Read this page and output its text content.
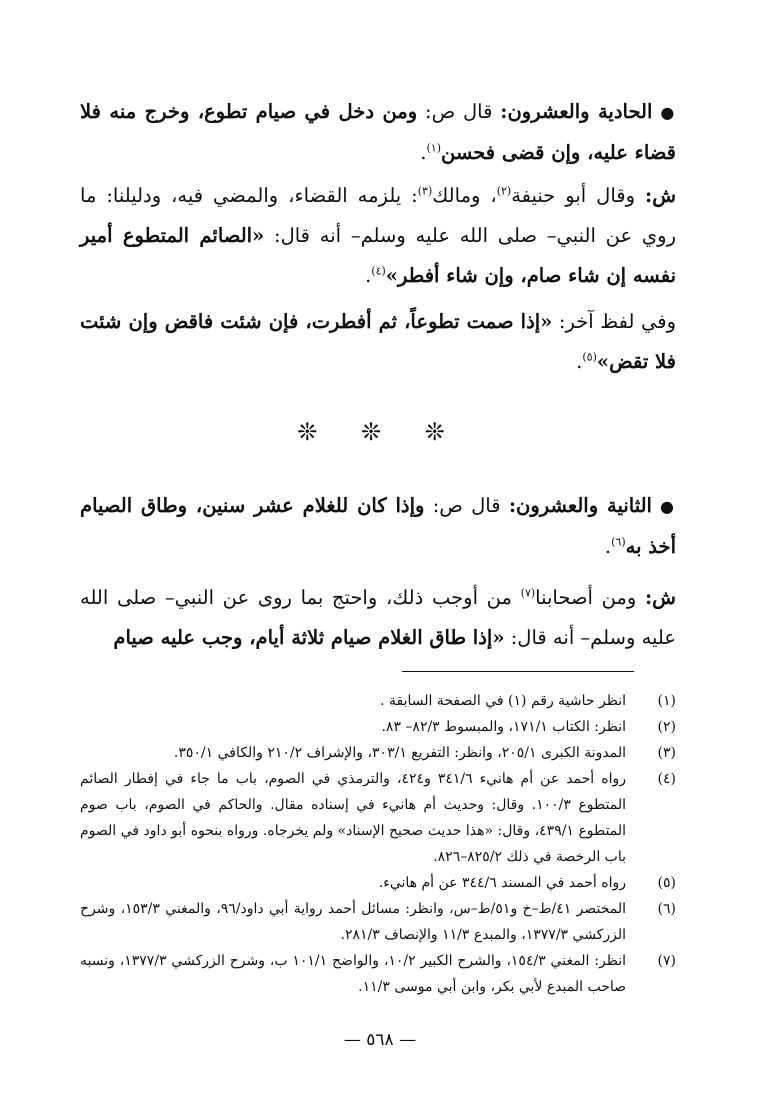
●الحادية والعشرون: قال ص: ومن دخل في صيام تطوع، وخرج منه فلا قضاء عليه، وإن قضى فحسن$^{(١)}$.
ش: وقال أبو حنيفة$^{(٢)}$، ومالك$^{(٣)}$: يلزمه القضاء، والمضي فيه، ودليلنا: ما روي عن النبي– صلى الله عليه وسلم– أنه قال: «الصائم المتطوع أمير نفسه إن شاء صام، وإن شاء أفطر»$^{(٤)}$.
وفي لفظ آخر: «إذا صمت تطوعاً، ثم أفطرت، فإن شئت فاقض وإن شئت فلا تقض»$^{(٥)}$.
❊ ❊ ❊
●الثانية والعشرون: قال ص: وإذا كان للغلام عشر سنين، وطاق الصيام أخذ به$^{(٦)}$.
ش: ومن أصحابنا$^{(٧)}$ من أوجب ذلك، واحتج بما روى عن النبي– صلى الله عليه وسلم– أنه قال: «إذا طاق الغلام صيام ثلاثة أيام، وجب عليه صيام
(١)
انظر حاشية رقم (١) في الصفحة السابقة .
(٢)
انظر: الكتاب ١٧١/١، والمبسوط ٨٢/٣– ٨٣.
(٣)
المدونة الكبرى ٢٠٥/١، وانظر: التفريع ٣٠٣/١، والإشراف ٢١٠/٢ والكافي ٣٥٠/١.
(٤)
رواه أحمد عن أم هانيء ٣٤١/٦ و٤٢٤، والترمذي في الصوم، باب ما جاء في إفطار الصائم المتطوع ١٠٠/٣. وقال: وحديث أم هانيء في إسناده مقال. والحاكم في الصوم، باب صوم المتطوع ٤٣٩/١، وقال: «هذا حديث صحيح الإسناد» ولم يخرجاه. ورواه بنحوه أبو داود في الصوم باب الرخصة في ذلك ٨٢٥/٢–٨٢٦.
(٥)
رواه أحمد في المسند ٣٤٤/٦ عن أم هانيء.
(٦)
المختصر ٤١/ط–خ و٥١/ط–س، وانظر: مسائل أحمد رواية أبي داود/٩٦، والمغني ١٥٣/٣، وشرح الزركشي ١٣٧٧/٣، والمبدع ١١/٣ والإنصاف ٢٨١/٣.
(٧)
انظر: المغني ١٥٤/٣، والشرح الكبير ١٠/٢، والواضح ١٠١/١ ب، وشرح الزركشي ١٣٧٧/٣، ونسبه صاحب المبدع لأبي بكر، وابن أبي موسى ١١/٣.
— ٥٦٨ —
